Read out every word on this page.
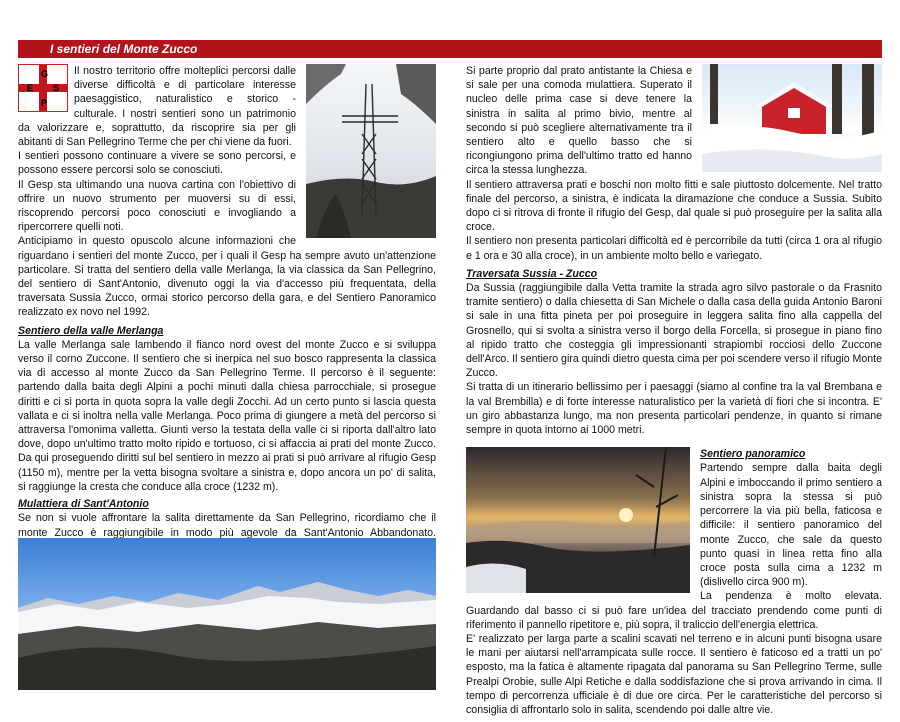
I sentieri del Monte Zucco
G
E S
P

Il nostro territorio offre molteplici percorsi dalle diverse difficoltà e di particolare interesse paesaggistico, naturalistico e storico - culturale. I nostri sentieri sono un patrimonio da valorizzare e, soprattutto, da riscoprire sia per gli abitanti di San Pellegrino Terme che per chi viene da fuori.

I sentieri possono continuare a vivere se sono percorsi, e possono essere percorsi solo se conosciuti.

Il Gesp sta ultimando una nuova cartina con l'obiettivo di offrire un nuovo strumento per muoversi su di essi, riscoprendo percorsi poco conosciuti e invogliando a ripercorrere quelli noti.

Anticipiamo in questo opuscolo alcune informazioni che riguardano i sentieri del monte Zucco, per i quali il Gesp ha sempre avuto un'attenzione particolare. Si tratta del sentiero della valle Merlanga, la via classica da San Pellegrino, del sentiero di Sant'Antonio, divenuto oggi la via d'accesso più frequentata, della traversata Sussia Zucco, ormai storico percorso della gara, e del Sentiero Panoramico realizzato ex novo nel 1992.

Sentiero della valle Merlanga

La valle Merlanga sale lambendo il fianco nord ovest del monte Zucco e si sviluppa verso il corno Zuccone. Il sentiero che si inerpica nel suo bosco rappresenta la classica via di accesso al monte Zucco da San Pellegrino Terme. Il percorso è il seguente: partendo dalla baita degli Alpini a pochi minuti dalla chiesa parrocchiale, si prosegue diritti e ci si porta in quota sopra la valle degli Zocchi. Ad un certo punto si lascia questa vallata e ci si inoltra nella valle Merlanga. Poco prima di giungere a metà del percorso si attraversa l'omonima valletta. Giunti verso la testata della valle ci si riporta dall'altro lato dove, dopo un'ultimo tratto molto ripido e tortuoso, ci si affaccia ai prati del monte Zucco. Da qui proseguendo diritti sul bel sentiero in mezzo ai prati si può arrivare al rifugio Gesp (1150 m), mentre per la vetta bisogna svoltare a sinistra e, dopo ancora un po' di salita, si raggiunge la cresta che conduce alla croce (1232 m).

Mulattiera di Sant'Antonio

Se non si vuole affrontare la salita direttamente da San Pellegrino, ricordiamo che il monte Zucco è raggiungibile in modo più agevole da Sant'Antonio Abbandonato.

Si parte proprio dal prato antistante la Chiesa e si sale per una comoda mulattiera. Superato il nucleo delle prima case si deve tenere la sinistra in salita al primo bivio, mentre al secondo si può scegliere alternativamente tra il sentiero alto e quello basso che si ricongiungono prima dell'ultimo tratto ed hanno circa la stessa lunghezza.

Il sentiero attraversa prati e boschi non molto fitti e sale piuttosto dolcemente. Nel tratto finale del percorso, a sinistra, è indicata la diramazione che conduce a Sussia. Subito dopo ci si ritrova di fronte il rifugio del Gesp, dal quale si può proseguire per la salita alla croce.

Il sentiero non presenta particolari difficoltà ed è percorribile da tutti (circa 1 ora al rifugio e 1 ora e 30 alla croce), in un ambiente molto bello e variegato.

Traversata Sussia - Zucco

Da Sussia (raggiungibile dalla Vetta tramite la strada agro silvo pastorale o da Frasnito tramite sentiero) o dalla chiesetta di San Michele o dalla casa della guida Antonio Baroni si sale in una fitta pineta per poi proseguire in leggera salita fino alla cappella del Grosnello, qui si svolta a sinistra verso il borgo della Forcella, si prosegue in piano fino al ripido tratto che costeggia gli impressionanti strapiombi rocciosi dello Zuccone dell'Arco. Il sentiero gira quindi dietro questa cima per poi scendere verso il rifugio Monte Zucco.

Si tratta di un itinerario bellissimo per i paesaggi (siamo al confine tra la val Brembana e la val Brembilla) e di forte interesse naturalistico per la varietà di fiori che si incontra. E' un giro abbastanza lungo, ma non presenta particolari pendenze, in quanto si rimane sempre in quota intorno ai 1000 metri.

Sentiero panoramico

Partendo sempre dalla baita degli Alpini e imboccando il primo sentiero a sinistra sopra la stessa si può percorrere la via più bella, faticosa e difficile: il sentiero panoramico del monte Zucco, che sale da questo punto quasi in linea retta fino alla croce posta sulla cima a 1232 m (dislivello circa 900 m).

La pendenza è molto elevata. Guardando dal basso ci si può fare un'idea del tracciato prendendo come punti di riferimento il pannello ripetitore e, più sopra, il traliccio dell'energia elettrica.

E' realizzato per larga parte a scalini scavati nel terreno e in alcuni punti bisogna usare le mani per aiutarsi nell'arrampicata sulle rocce. Il sentiero è faticoso ed a tratti un po' esposto, ma la fatica è altamente ripagata dal panorama su San Pellegrino Terme, sulle Prealpi Orobie, sulle Alpi Retiche e dalla soddisfazione che si prova arrivando in cima. Il tempo di percorrenza ufficiale è di due ore circa. Per le caratteristiche del percorso si consiglia di affrontarlo solo in salita, scendendo poi dalle altre vie.
